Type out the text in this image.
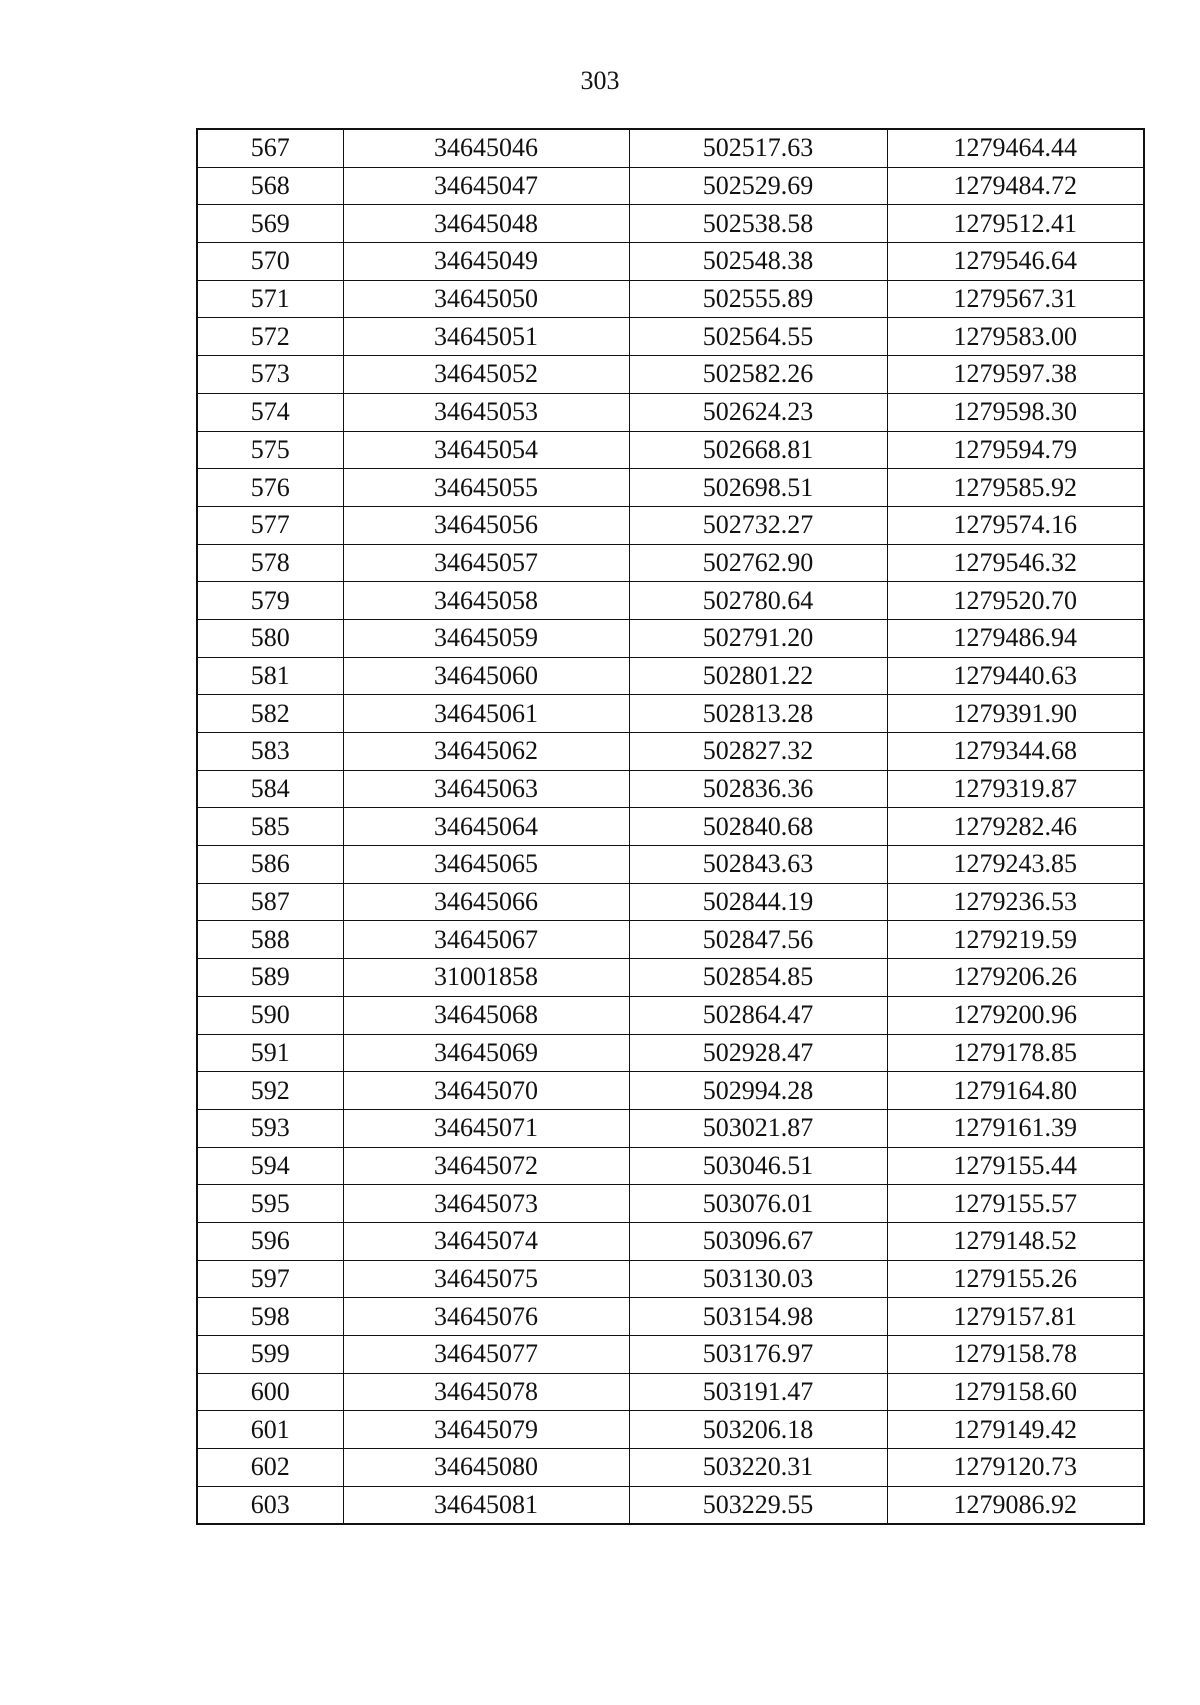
303
567	34645046	502517.63	1279464.44
568	34645047	502529.69	1279484.72
569	34645048	502538.58	1279512.41
570	34645049	502548.38	1279546.64
571	34645050	502555.89	1279567.31
572	34645051	502564.55	1279583.00
573	34645052	502582.26	1279597.38
574	34645053	502624.23	1279598.30
575	34645054	502668.81	1279594.79
576	34645055	502698.51	1279585.92
577	34645056	502732.27	1279574.16
578	34645057	502762.90	1279546.32
579	34645058	502780.64	1279520.70
580	34645059	502791.20	1279486.94
581	34645060	502801.22	1279440.63
582	34645061	502813.28	1279391.90
583	34645062	502827.32	1279344.68
584	34645063	502836.36	1279319.87
585	34645064	502840.68	1279282.46
586	34645065	502843.63	1279243.85
587	34645066	502844.19	1279236.53
588	34645067	502847.56	1279219.59
589	31001858	502854.85	1279206.26
590	34645068	502864.47	1279200.96
591	34645069	502928.47	1279178.85
592	34645070	502994.28	1279164.80
593	34645071	503021.87	1279161.39
594	34645072	503046.51	1279155.44
595	34645073	503076.01	1279155.57
596	34645074	503096.67	1279148.52
597	34645075	503130.03	1279155.26
598	34645076	503154.98	1279157.81
599	34645077	503176.97	1279158.78
600	34645078	503191.47	1279158.60
601	34645079	503206.18	1279149.42
602	34645080	503220.31	1279120.73
603	34645081	503229.55	1279086.92
